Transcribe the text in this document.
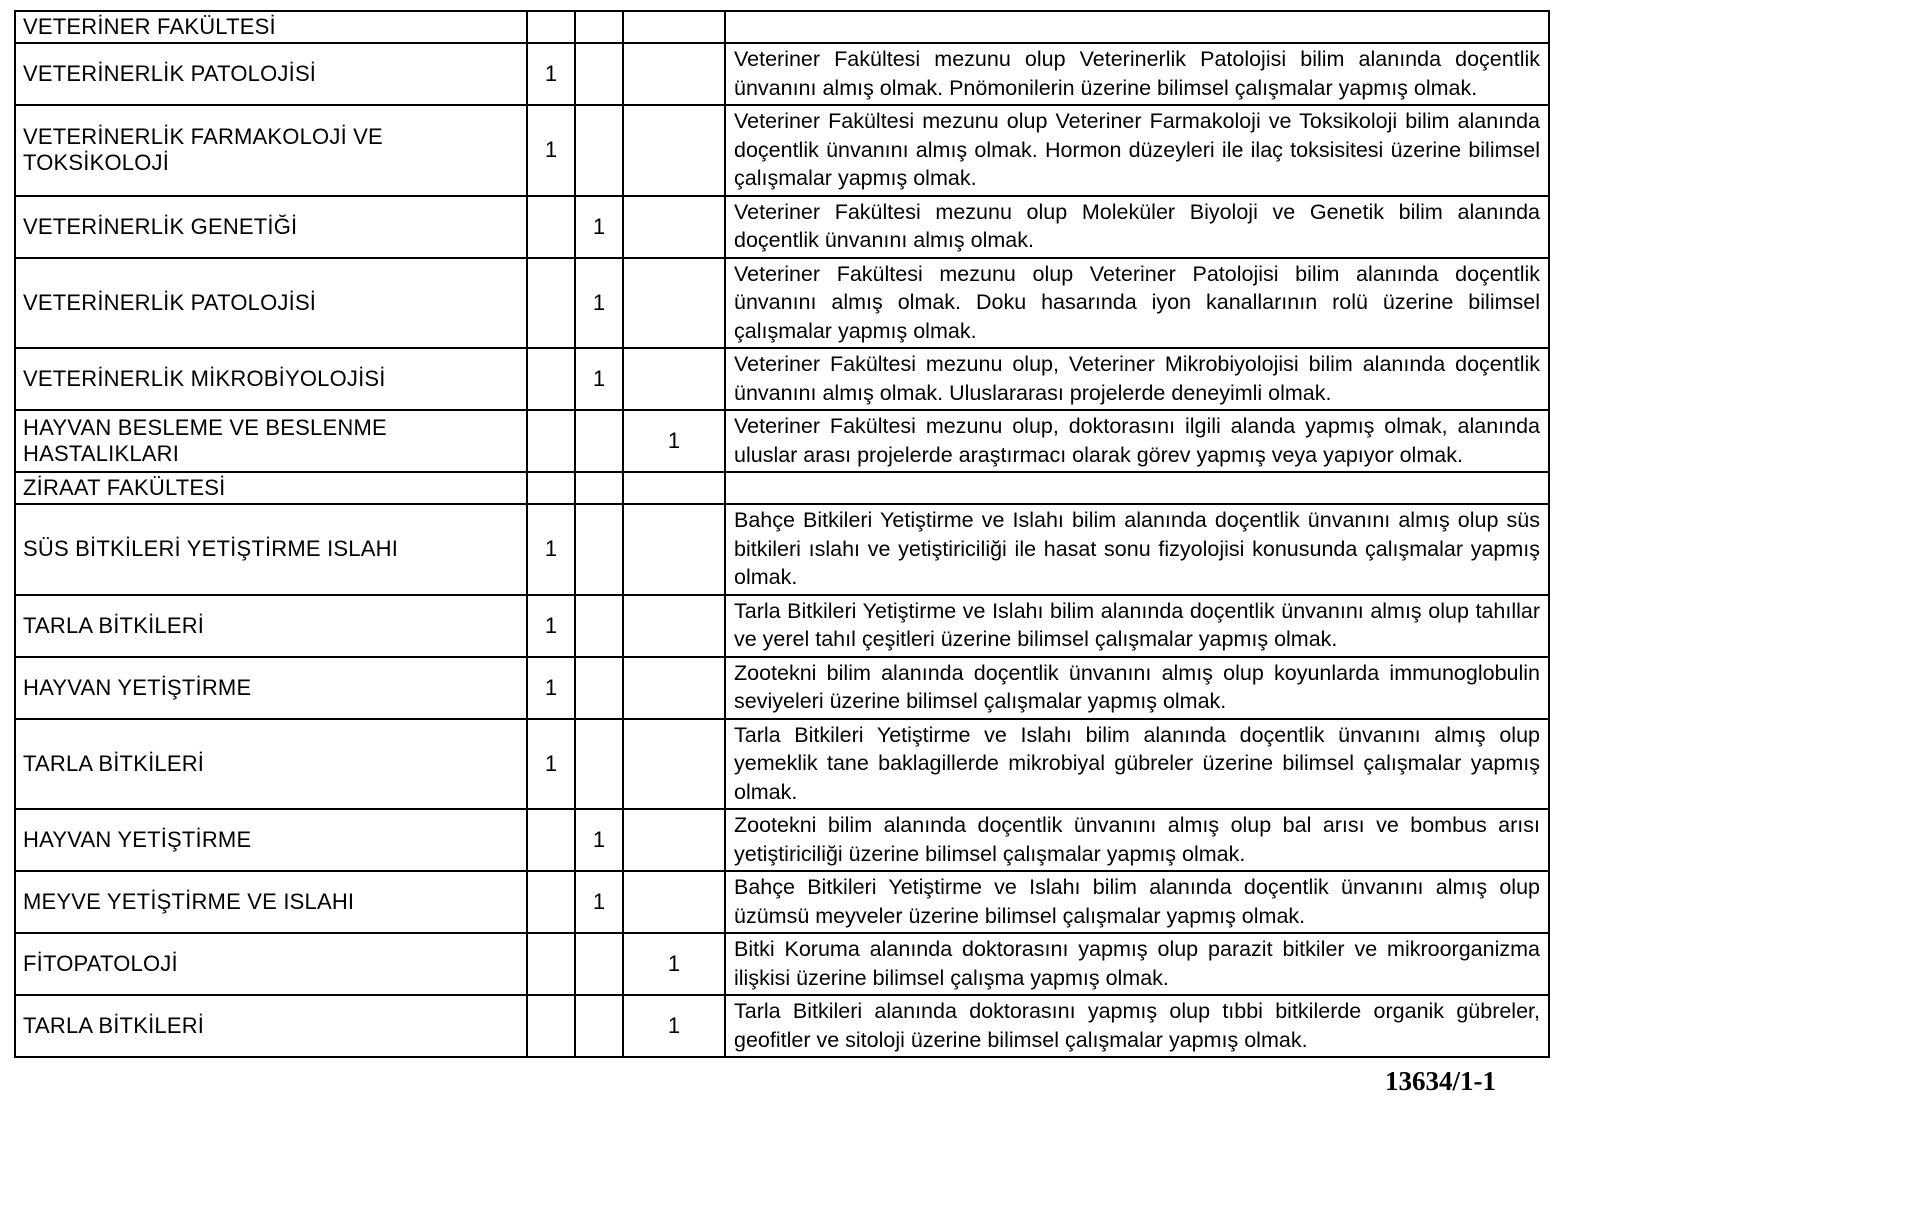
VETERİNER FAKÜLTESİ				
VETERİNERLİK PATOLOJİSİ	1			Veteriner Fakültesi mezunu olup Veterinerlik Patolojisi bilim alanında doçentlik ünvanını almış olmak. Pnömonilerin üzerine bilimsel çalışmalar yapmış olmak.
VETERİNERLİK FARMAKOLOJİ VE TOKSİKOLOJİ	1			Veteriner Fakültesi mezunu olup Veteriner Farmakoloji ve Toksikoloji bilim alanında doçentlik ünvanını almış olmak. Hormon düzeyleri ile ilaç toksisitesi üzerine bilimsel çalışmalar yapmış olmak.
VETERİNERLİK GENETİĞİ		1		Veteriner Fakültesi mezunu olup Moleküler Biyoloji ve Genetik bilim alanında doçentlik ünvanını almış olmak.
VETERİNERLİK PATOLOJİSİ		1		Veteriner Fakültesi mezunu olup Veteriner Patolojisi bilim alanında doçentlik ünvanını almış olmak. Doku hasarında iyon kanallarının rolü üzerine bilimsel çalışmalar yapmış olmak.
VETERİNERLİK MİKROBİYOLOJİSİ		1		Veteriner Fakültesi mezunu olup, Veteriner Mikrobiyolojisi bilim alanında doçentlik ünvanını almış olmak. Uluslararası projelerde deneyimli olmak.
HAYVAN BESLEME VE BESLENME HASTALIKLARI			1	Veteriner Fakültesi mezunu olup, doktorasını ilgili alanda yapmış olmak, alanında uluslar arası projelerde araştırmacı olarak görev yapmış veya yapıyor olmak.
ZİRAAT FAKÜLTESİ				
SÜS BİTKİLERİ YETİŞTİRME ISLAHI	1			Bahçe Bitkileri Yetiştirme ve Islahı bilim alanında doçentlik ünvanını almış olup süs bitkileri ıslahı ve yetiştiriciliği ile hasat sonu fizyolojisi konusunda çalışmalar yapmış olmak.
TARLA BİTKİLERİ	1			Tarla Bitkileri Yetiştirme ve Islahı bilim alanında doçentlik ünvanını almış olup tahıllar ve yerel tahıl çeşitleri üzerine bilimsel çalışmalar yapmış olmak.
HAYVAN YETİŞTİRME	1			Zootekni bilim alanında doçentlik ünvanını almış olup koyunlarda immunoglobulin seviyeleri üzerine bilimsel çalışmalar yapmış olmak.
TARLA BİTKİLERİ	1			Tarla Bitkileri Yetiştirme ve Islahı bilim alanında doçentlik ünvanını almış olup yemeklik tane baklagillerde mikrobiyal gübreler üzerine bilimsel çalışmalar yapmış olmak.
HAYVAN YETİŞTİRME		1		Zootekni bilim alanında doçentlik ünvanını almış olup bal arısı ve bombus arısı yetiştiriciliği üzerine bilimsel çalışmalar yapmış olmak.
MEYVE YETİŞTİRME VE ISLAHI		1		Bahçe Bitkileri Yetiştirme ve Islahı bilim alanında doçentlik ünvanını almış olup üzümsü meyveler üzerine bilimsel çalışmalar yapmış olmak.
FİTOPATOLOJİ			1	Bitki Koruma alanında doktorasını yapmış olup parazit bitkiler ve mikroorganizma ilişkisi üzerine bilimsel çalışma yapmış olmak.
TARLA BİTKİLERİ			1	Tarla Bitkileri alanında doktorasını yapmış olup tıbbi bitkilerde organik gübreler, geofitler ve sitoloji üzerine bilimsel çalışmalar yapmış olmak.
13634/1-1
